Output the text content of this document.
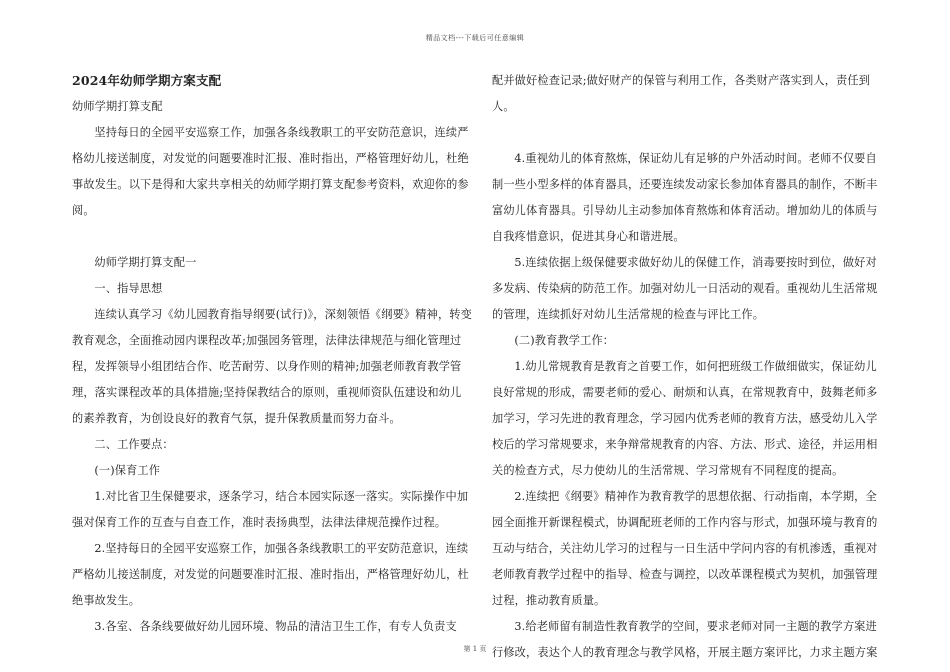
精品文档---下载后可任意编辑

2024年幼师学期方案支配

幼师学期打算支配

坚持每日的全园平安巡察工作，加强各条线教职工的平安防范意识，连续严格幼儿接送制度，对发觉的问题要准时汇报、准时指出，严格管理好幼儿，杜绝事故发生。以下是得和大家共享相关的幼师学期打算支配参考资料，欢迎你的参阅。

幼师学期打算支配一

一、指导思想

连续认真学习《幼儿园教育指导纲要(试行)》，深刻领悟《纲要》精神，转变教育观念，全面推动园内课程改革;加强园务管理，法律法律规范与细化管理过程，发挥领导小组团结合作、吃苦耐劳、以身作则的精神;加强老师教育教学管理，落实课程改革的具体措施;坚持保教结合的原则，重视师资队伍建设和幼儿的素养教育，为创设良好的教育气氛，提升保教质量而努力奋斗。

二、工作要点：

(一)保育工作

1.对比省卫生保健要求，逐条学习，结合本园实际逐一落实。实际操作中加强对保育工作的互查与自查工作，准时表扬典型，法律法律规范操作过程。

2.坚持每日的全园平安巡察工作，加强各条线教职工的平安防范意识，连续严格幼儿接送制度，对发觉的问题要准时汇报、准时指出，严格管理好幼儿，杜绝事故发生。

3.各室、各条线要做好幼儿园环境、物品的清洁卫生工作，有专人负责支

配并做好检查记录;做好财产的保管与利用工作，各类财产落实到人，责任到人。

4.重视幼儿的体育熬炼，保证幼儿有足够的户外活动时间。老师不仅要自制一些小型多样的体育器具，还要连续发动家长参加体育器具的制作，不断丰富幼儿体育器具。引导幼儿主动参加体育熬炼和体育活动。增加幼儿的体质与自我疼惜意识，促进其身心和谐进展。

5.连续依据上级保健要求做好幼儿的保健工作，消毒要按时到位，做好对多发病、传染病的防范工作。加强对幼儿一日活动的观看。重视幼儿生活常规的管理，连续抓好对幼儿生活常规的检查与评比工作。

(二)教育教学工作：

1.幼儿常规教育是教育之首要工作，如何把班级工作做细做实，保证幼儿良好常规的形成，需要老师的爱心、耐烦和认真，在常规教育中，鼓舞老师多加学习，学习先进的教育理念，学习园内优秀老师的教育方法，感受幼儿入学校后的学习常规要求，来争辩常规教育的内容、方法、形式、途径，并运用相关的检查方式，尽力使幼儿的生活常规、学习常规有不同程度的提高。

2.连续把《纲要》精神作为教育教学的思想依据、行动指南，本学期，全园全面推开新课程模式，协调配班老师的工作内容与形式，加强环境与教育的互动与结合，关注幼儿学习的过程与一日生活中学问内容的有机渗透，重视对老师教育教学过程中的指导、检查与调控，以改革课程模式为契机，加强管理过程，推动教育质量。

3.给老师留有制造性教育教学的空间，要求老师对同一主题的教学方案进行修改，表达个人的教育理念与教学风格，开展主题方案评比，力求主题方案

第 1 页
